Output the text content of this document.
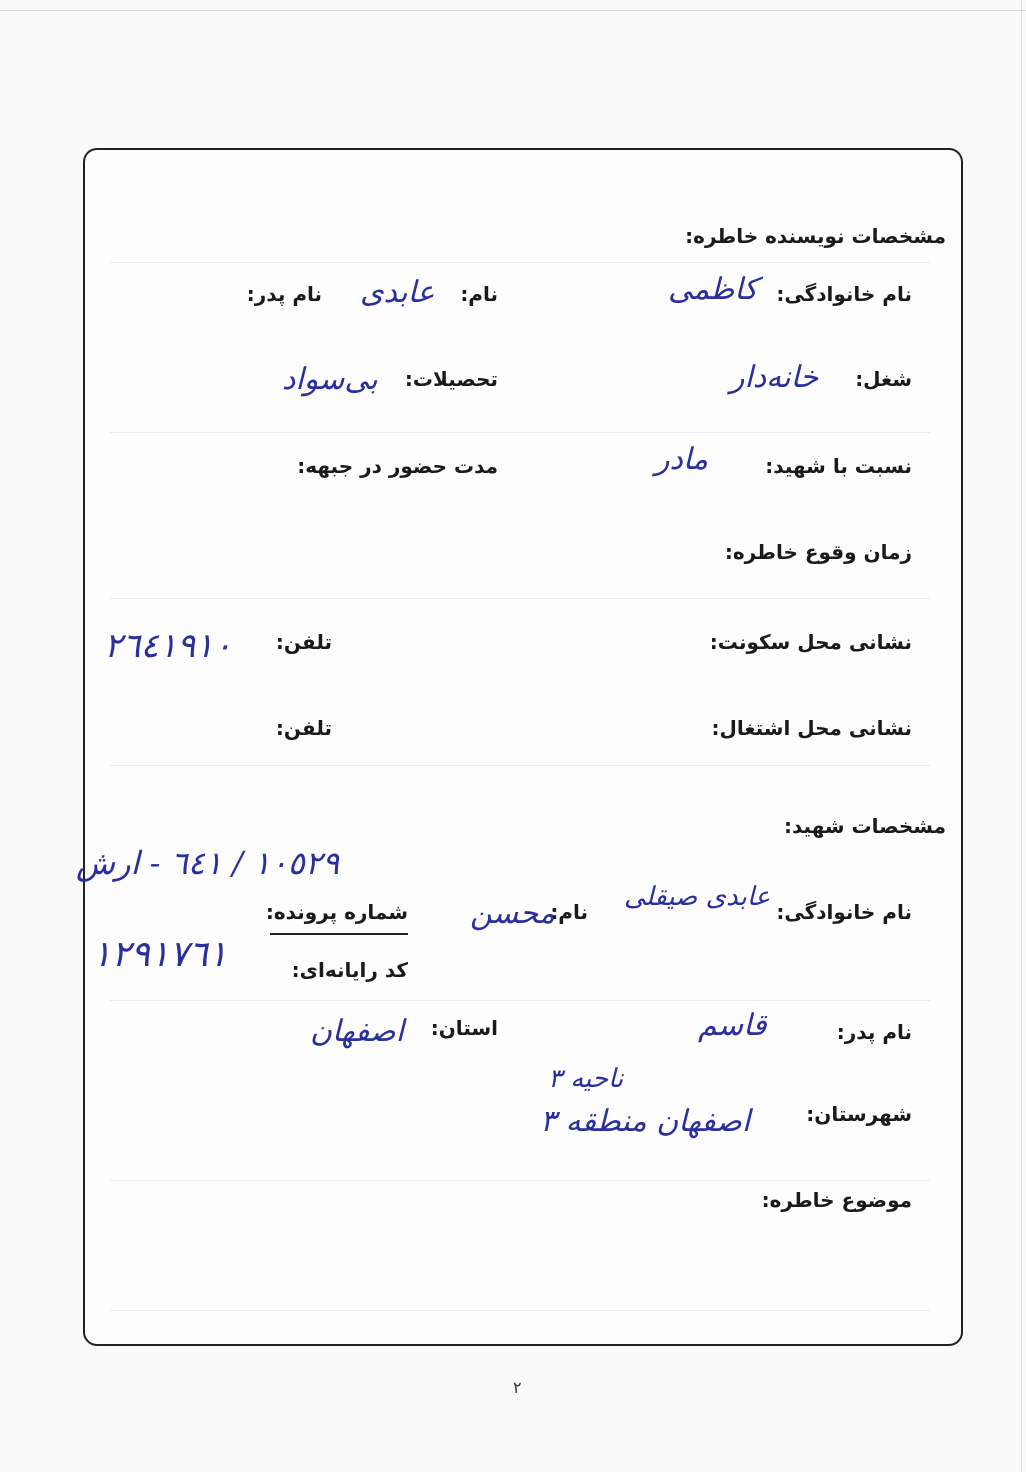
مشخصات نویسنده خاطره:
نام خانوادگی:
کاظمی
نام:
عابدی
نام پدر:
شغل:
خانه‌دار
تحصیلات:
بی‌سواد
نسبت با شهید:
مادر
مدت حضور در جبهه:
زمان وقوع خاطره:
نشانی محل سکونت:
تلفن:
٢٦٤١٩١٠
نشانی محل اشتغال:
تلفن:
مشخصات شهید:
١٠٥٢٩ / ٦٤١ - ارش
نام خانوادگی:
عابدی صیقلی
نام:
محسن
شماره پرونده:
١٢٩١٧٦١	کد رایانه‌ای:
نام پدر:
قاسم
استان:
اصفهان
شهرستان:
اصفهان منطقه ۳
ناحیه ۳
موضوع خاطره:
٢
